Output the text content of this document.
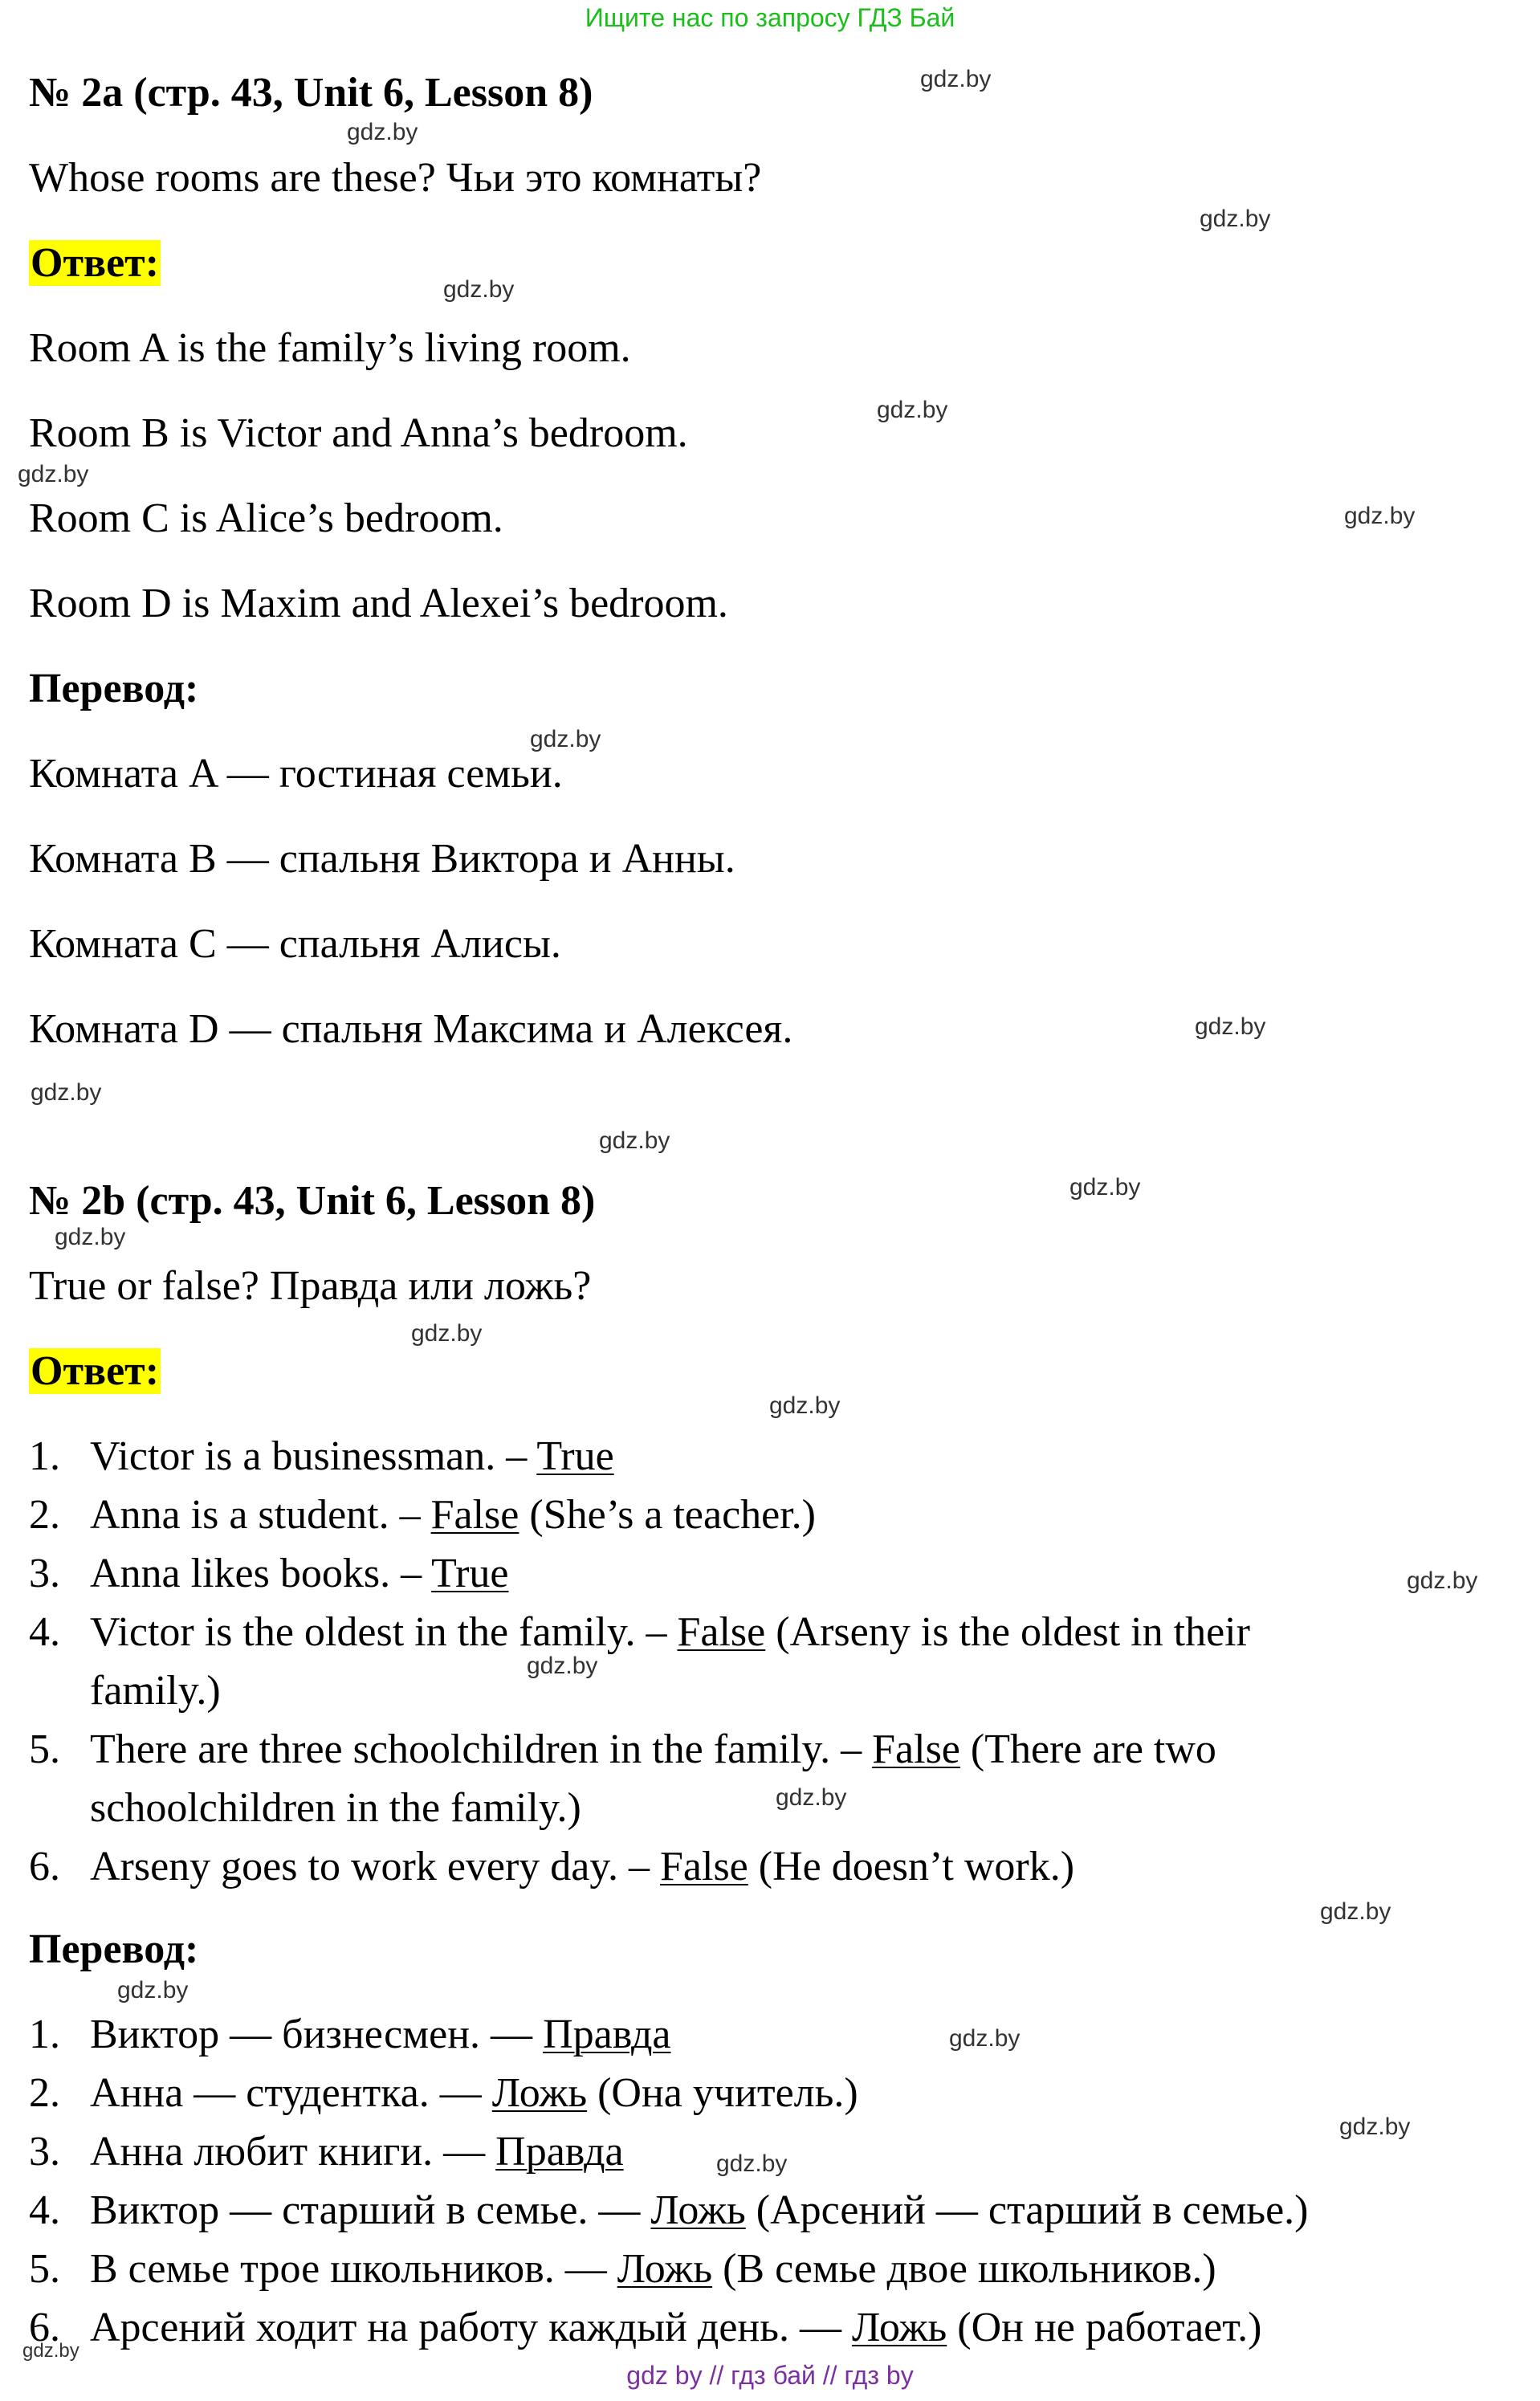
Ищите нас по запросу ГДЗ Бай
№ 2a (стр. 43, Unit 6, Lesson 8)
Whose rooms are these? Чьи это комнаты?
Ответ:
Room A is the family’s living room.
Room B is Victor and Anna’s bedroom.
Room C is Alice’s bedroom.
Room D is Maxim and Alexei’s bedroom.
Перевод:
Комната A — гостиная семьи.
Комната B — спальня Виктора и Анны.
Комната C — спальня Алисы.
Комната D — спальня Максима и Алексея.
№ 2b (стр. 43, Unit 6, Lesson 8)
True or false? Правда или ложь?
Ответ:
1. Victor is a businessman. – True
2. Anna is a student. – False (She’s a teacher.)
3. Anna likes books. – True
4. Victor is the oldest in the family. – False (Arseny is the oldest in their
family.)
5. There are three schoolchildren in the family. – False (There are two
schoolchildren in the family.)
6. Arseny goes to work every day. – False (He doesn’t work.)
Перевод:
1. Виктор — бизнесмен. — Правда
2. Анна — студентка. — Ложь (Она учитель.)
3. Анна любит книги. — Правда
4. Виктор — старший в семье. — Ложь (Арсений — старший в семье.)
5. В семье трое школьников. — Ложь (В семье двое школьников.)
6. Арсений ходит на работу каждый день. — Ложь (Он не работает.)
gdz.by
gdz.by
gdz.by
gdz.by
gdz.by
gdz.by
gdz.by
gdz.by
gdz.by
gdz.by
gdz.by
gdz.by
gdz.by
gdz.by
gdz.by
gdz.by
gdz.by
gdz.by
gdz.by
gdz.by
gdz.by
gdz.by
gdz.by
gdz.by
gdz by // гдз бай // гдз by
